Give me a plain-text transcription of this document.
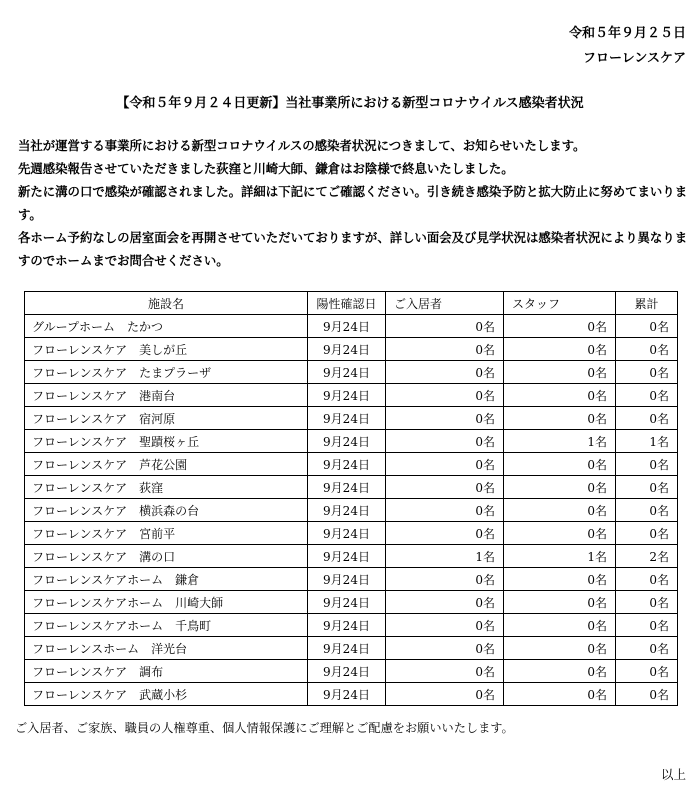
令和５年９月２５日
フローレンスケア
【令和５年９月２４日更新】当社事業所における新型コロナウイルス感染者状況

当社が運営する事業所における新型コロナウイルスの感染者状況につきまして、お知らせいたします。

先週感染報告させていただきました荻窪と川崎大師、鎌倉はお陰様で終息いたしました。

新たに溝の口で感染が確認されました。詳細は下記にてご確認ください。引き続き感染予防と拡大防止に努めてまいります。

各ホーム予約なしの居室面会を再開させていただいておりますが、詳しい面会及び見学状況は感染者状況により異なりますのでホームまでお問合せください。

施設名	陽性確認日	ご入居者	スタッフ	累計
グループホーム　たかつ	9月24日	0名	0名	0名
フローレンスケア　美しが丘	9月24日	0名	0名	0名
フローレンスケア　たまプラーザ	9月24日	0名	0名	0名
フローレンスケア　港南台	9月24日	0名	0名	0名
フローレンスケア　宿河原	9月24日	0名	0名	0名
フローレンスケア　聖蹟桜ヶ丘	9月24日	0名	1名	1名
フローレンスケア　芦花公園	9月24日	0名	0名	0名
フローレンスケア　荻窪	9月24日	0名	0名	0名
フローレンスケア　横浜森の台	9月24日	0名	0名	0名
フローレンスケア　宮前平	9月24日	0名	0名	0名
フローレンスケア　溝の口	9月24日	1名	1名	2名
フローレンスケアホーム　鎌倉	9月24日	0名	0名	0名
フローレンスケアホーム　川崎大師	9月24日	0名	0名	0名
フローレンスケアホーム　千鳥町	9月24日	0名	0名	0名
フローレンスホーム　洋光台	9月24日	0名	0名	0名
フローレンスケア　調布	9月24日	0名	0名	0名
フローレンスケア　武蔵小杉	9月24日	0名	0名	0名
ご入居者、ご家族、職員の人権尊重、個人情報保護にご理解とご配慮をお願いいたします。
以上
